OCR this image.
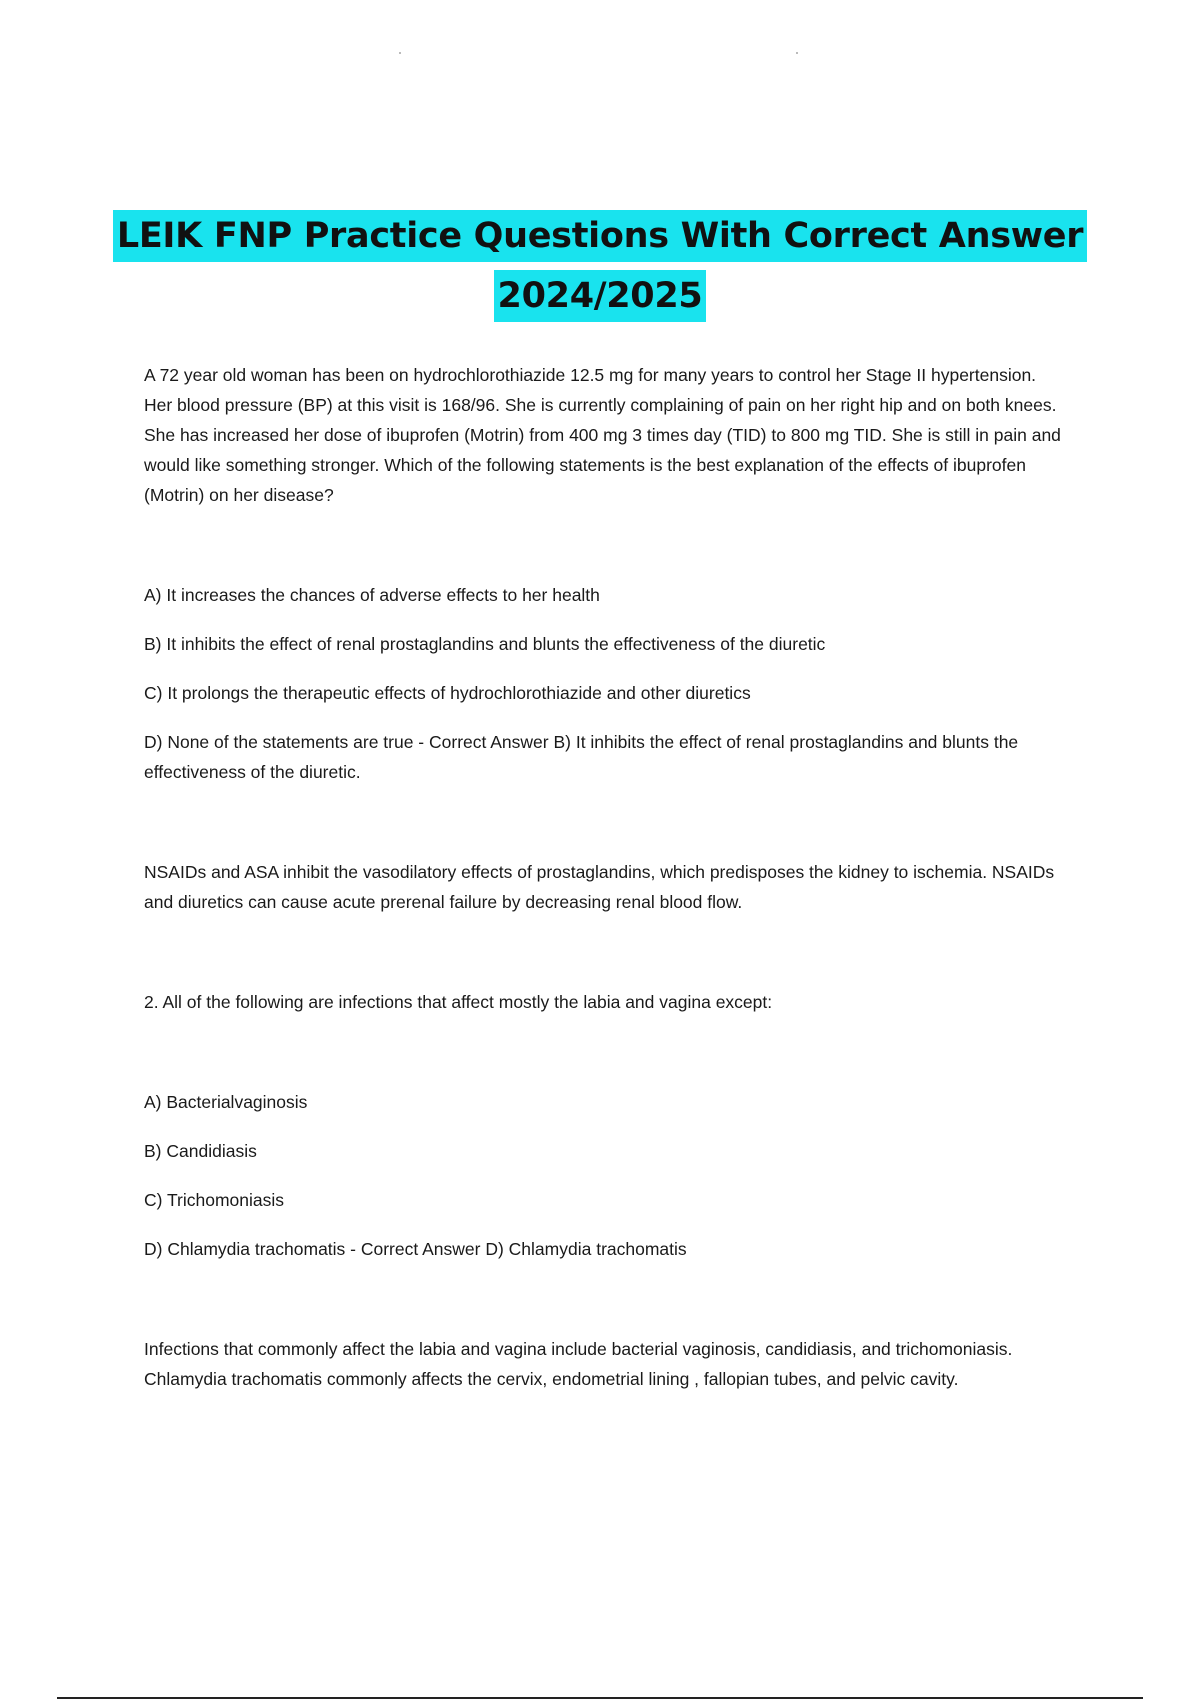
LEIK FNP Practice Questions With Correct Answer
2024/2025

A 72 year old woman has been on hydrochlorothiazide 12.5 mg for many years to control her Stage II hypertension. Her blood pressure (BP) at this visit is 168/96. She is currently complaining of pain on her right hip and on both knees. She has increased her dose of ibuprofen (Motrin) from 400 mg 3 times day (TID) to 800 mg TID. She is still in pain and would like something stronger. Which of the following statements is the best explanation of the effects of ibuprofen (Motrin) on her disease?

A) It increases the chances of adverse effects to her health

B) It inhibits the effect of renal prostaglandins and blunts the effectiveness of the diuretic

C) It prolongs the therapeutic effects of hydrochlorothiazide and other diuretics

D) None of the statements are true - Correct Answer B) It inhibits the effect of renal prostaglandins and blunts the effectiveness of the diuretic.

NSAIDs and ASA inhibit the vasodilatory effects of prostaglandins, which predisposes the kidney to ischemia. NSAIDs and diuretics can cause acute prerenal failure by decreasing renal blood flow.

2. All of the following are infections that affect mostly the labia and vagina except:

A) Bacterialvaginosis

B) Candidiasis

C) Trichomoniasis

D) Chlamydia trachomatis - Correct Answer D) Chlamydia trachomatis

Infections that commonly affect the labia and vagina include bacterial vaginosis, candidiasis, and trichomoniasis. Chlamydia trachomatis commonly affects the cervix, endometrial lining , fallopian tubes, and pelvic cavity.
